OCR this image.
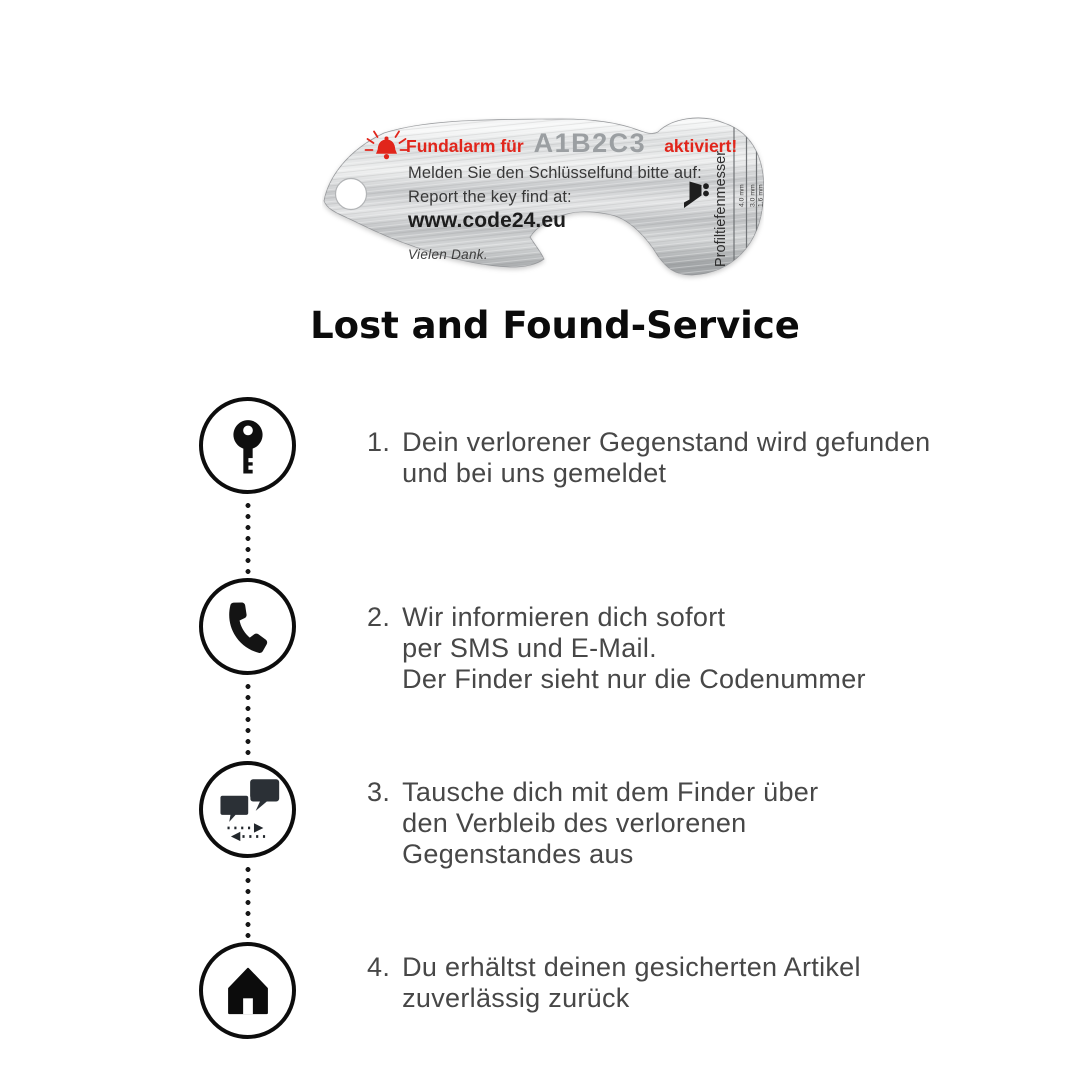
Profiltiefenmesser 4.0 mm 3.0 mm 1.6 mm
Fundalarm für A1B2C3 aktiviert!
Melden Sie den Schlüsselfund bitte auf:
Report the key find at:
www.code24.eu
Vielen Dank.
Lost and Found-Service
1. Dein verlorener Gegenstand wird gefunden
und bei uns gemeldet
2. Wir informieren dich sofort
per SMS und E-Mail.
Der Finder sieht nur die Codenummer
3. Tausche dich mit dem Finder über
den Verbleib des verlorenen
Gegenstandes aus
4. Du erhältst deinen gesicherten Artikel
zuverlässig zurück
